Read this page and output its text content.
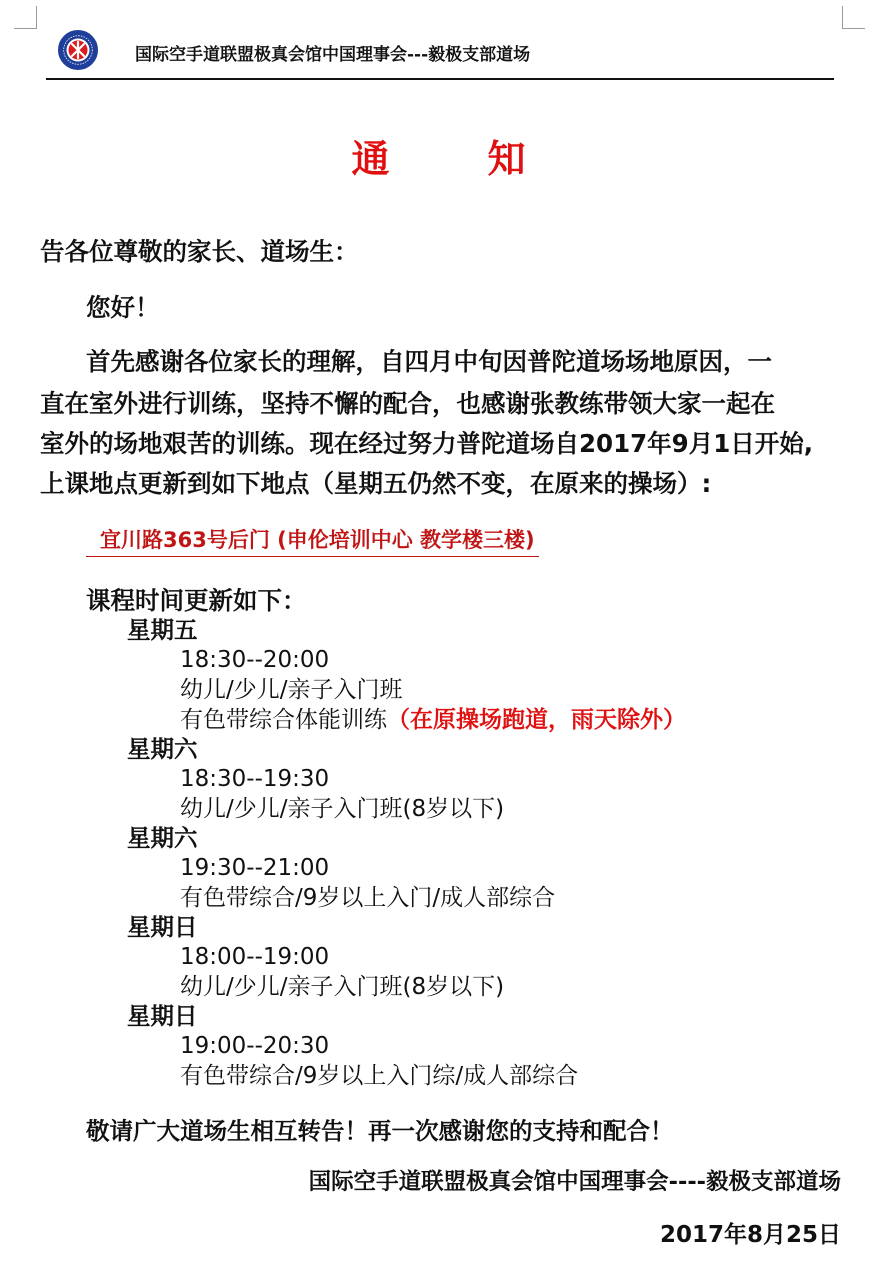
国际空手道联盟极真会馆中国理事会---毅极支部道场
通	知
告各位尊敬的家长、道场生：
您好！
首先感谢各位家长的理解，自四月中旬因普陀道场场地原因，一
直在室外进行训练，坚持不懈的配合，也感谢张教练带领大家一起在
室外的场地艰苦的训练。现在经过努力普陀道场自2017年9月1日开始,
上课地点更新到如下地点（星期五仍然不变，在原来的操场）:
宜川路363号后门 (申伦培训中心 教学楼三楼)
课程时间更新如下：
星期五
18:30--20:00
幼儿/少儿/亲子入门班
有色带综合体能训练（在原操场跑道，雨天除外）
星期六
18:30--19:30
幼儿/少儿/亲子入门班(8岁以下)
星期六
19:30--21:00
有色带综合/9岁以上入门/成人部综合
星期日
18:00--19:00
幼儿/少儿/亲子入门班(8岁以下)
星期日
19:00--20:30
有色带综合/9岁以上入门综/成人部综合
敬请广大道场生相互转告！再一次感谢您的支持和配合！
国际空手道联盟极真会馆中国理事会----毅极支部道场
2017年8月25日
